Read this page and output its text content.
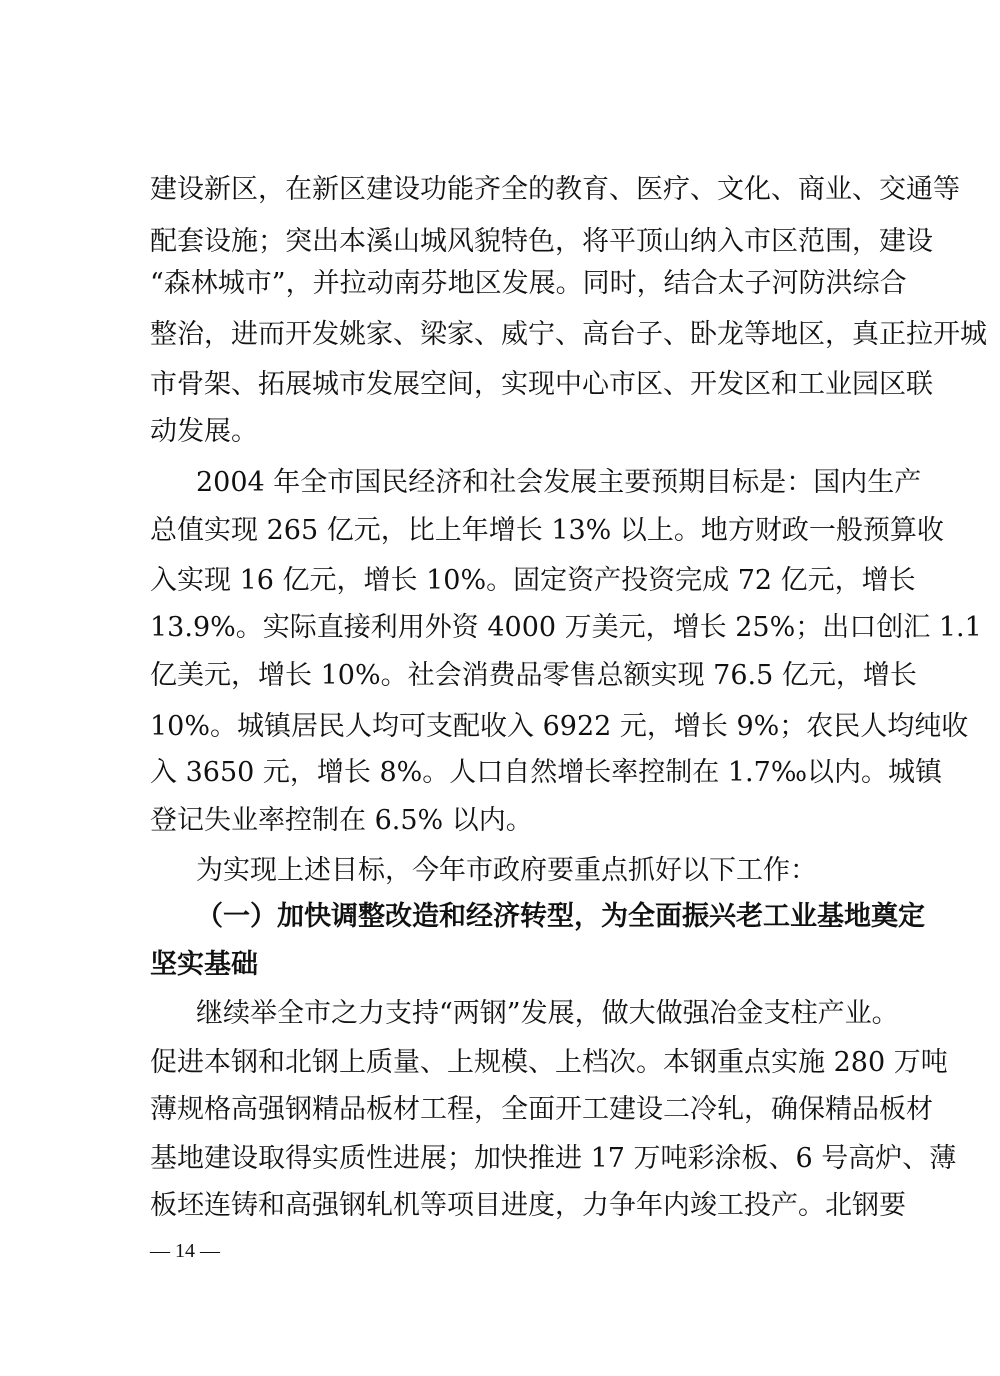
建设新区，在新区建设功能齐全的教育、医疗、文化、商业、交通等
配套设施；突出本溪山城风貌特色，将平顶山纳入市区范围，建设
“森林城市”，并拉动南芬地区发展。同时，结合太子河防洪综合
整治，进而开发姚家、梁家、威宁、高台子、卧龙等地区，真正拉开城
市骨架、拓展城市发展空间，实现中心市区、开发区和工业园区联
动发展。
2004 年全市国民经济和社会发展主要预期目标是：国内生产
总值实现 265 亿元，比上年增长 13% 以上。地方财政一般预算收
入实现 16 亿元，增长 10%。固定资产投资完成 72 亿元，增长
13.9%。实际直接利用外资 4000 万美元，增长 25%；出口创汇 1.1
亿美元，增长 10%。社会消费品零售总额实现 76.5 亿元，增长
10%。城镇居民人均可支配收入 6922 元，增长 9%；农民人均纯收
入 3650 元，增长 8%。人口自然增长率控制在 1.7‰以内。城镇
登记失业率控制在 6.5% 以内。
为实现上述目标，今年市政府要重点抓好以下工作：
（一）加快调整改造和经济转型，为全面振兴老工业基地奠定
坚实基础
继续举全市之力支持“两钢”发展，做大做强冶金支柱产业。
促进本钢和北钢上质量、上规模、上档次。本钢重点实施 280 万吨
薄规格高强钢精品板材工程，全面开工建设二冷轧，确保精品板材
基地建设取得实质性进展；加快推进 17 万吨彩涂板、6 号高炉、薄
板坯连铸和高强钢轧机等项目进度，力争年内竣工投产。北钢要
— 14 —
